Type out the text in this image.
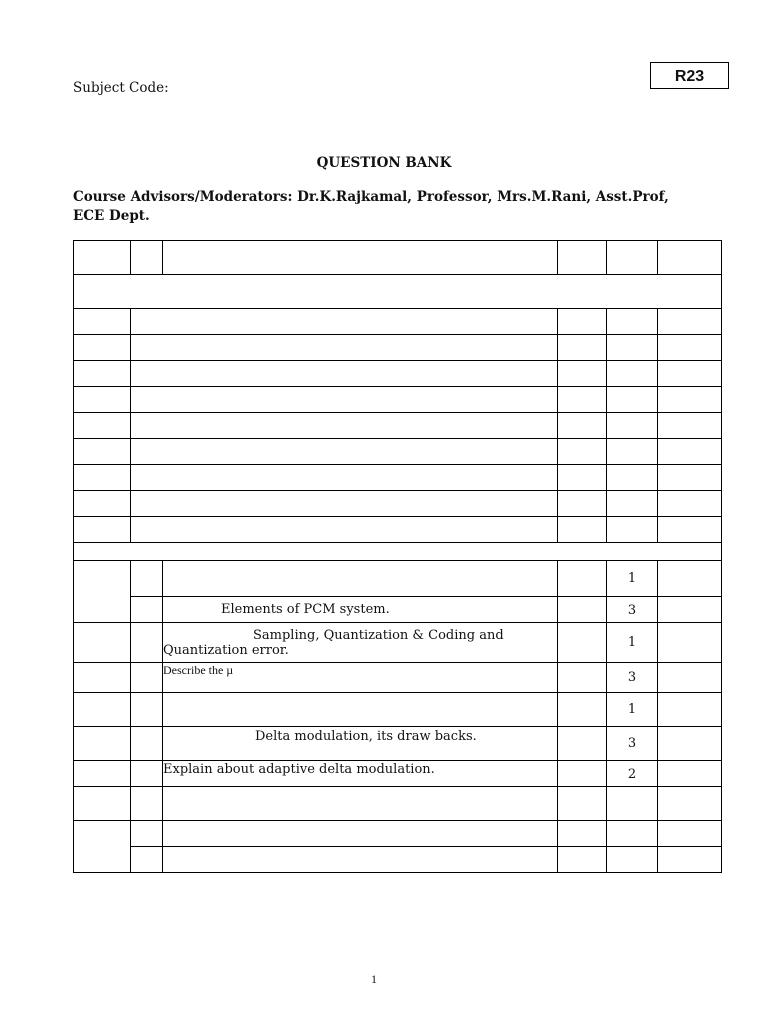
R23
Subject Code:
QUESTION BANK
Course Advisors/Moderators: Dr.K.Rajkamal, Professor, Mrs.M.Rani, Asst.Prof, ECE Dept.

				1	
		Elements of PCM system.		3	
		Sampling, Quantization & Coding and Quantization error.		1	
		Describe the µ		3	
				1	
		Delta modulation, its draw backs.		3	
		Explain about adaptive delta modulation.		2	

1
